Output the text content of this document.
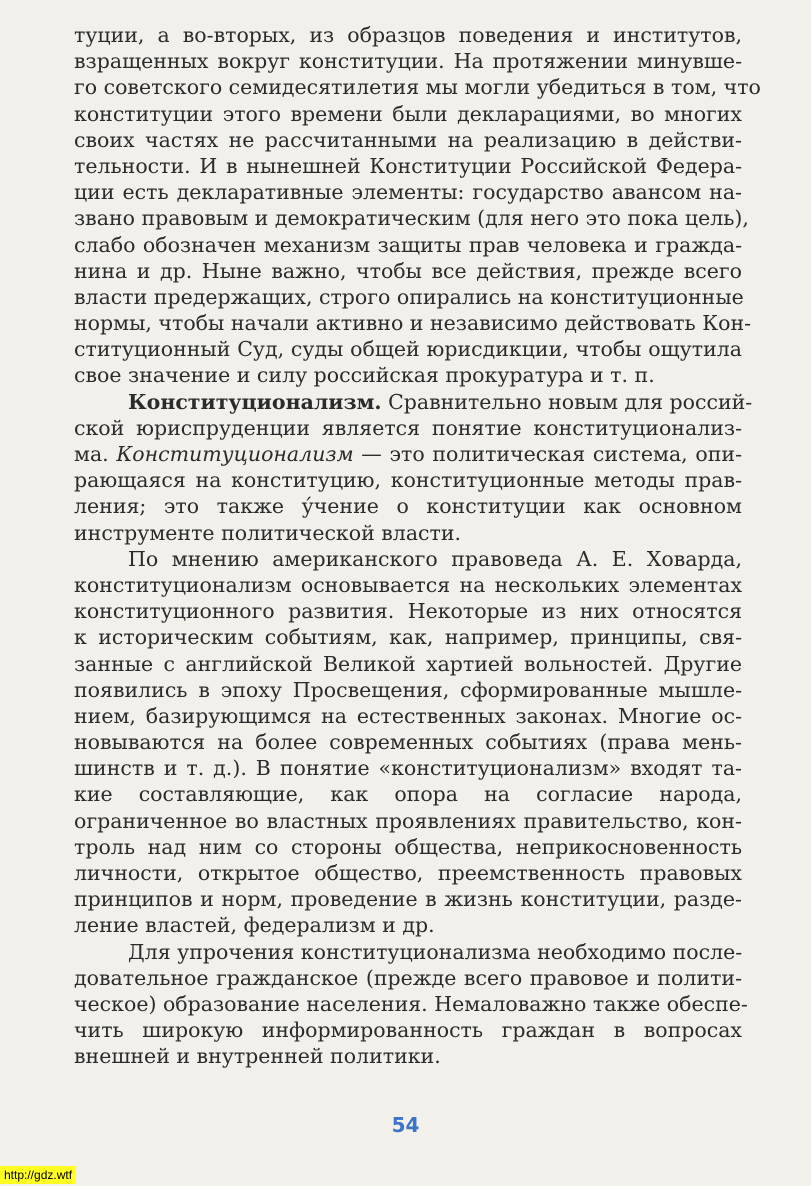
туции, а во-вторых, из образцов поведения и институтов,
взращенных вокруг конституции. На протяжении минувше-
го советского семидесятилетия мы могли убедиться в том, что
конституции этого времени были декларациями, во многих
своих частях не рассчитанными на реализацию в действи-
тельности. И в нынешней Конституции Российской Федера-
ции есть декларативные элементы: государство авансом на-
звано правовым и демократическим (для него это пока цель),
слабо обозначен механизм защиты прав человека и гражда-
нина и др. Ныне важно, чтобы все действия, прежде всего
власти предержащих, строго опирались на конституционные
нормы, чтобы начали активно и независимо действовать Кон-
ституционный Суд, суды общей юрисдикции, чтобы ощутила
свое значение и силу российская прокуратура и т. п.
Конституционализм. Сравнительно новым для россий-
ской юриспруденции является понятие конституционализ-
ма. Конституционализм — это политическая система, опи-
рающаяся на конституцию, конституционные методы прав-
ления; это также у́чение о конституции как основном
инструменте политической власти.
По мнению американского правоведа А. Е. Ховарда,
конституционализм основывается на нескольких элементах
конституционного развития. Некоторые из них относятся
к историческим событиям, как, например, принципы, свя-
занные с английской Великой хартией вольностей. Другие
появились в эпоху Просвещения, сформированные мышле-
нием, базирующимся на естественных законах. Многие ос-
новываются на более современных событиях (права мень-
шинств и т. д.). В понятие «конституционализм» входят та-
кие составляющие, как опора на согласие народа,
ограниченное во властных проявлениях правительство, кон-
троль над ним со стороны общества, неприкосновенность
личности, открытое общество, преемственность правовых
принципов и норм, проведение в жизнь конституции, разде-
ление властей, федерализм и др.
Для упрочения конституционализма необходимо после-
довательное гражданское (прежде всего правовое и полити-
ческое) образование населения. Немаловажно также обеспе-
чить широкую информированность граждан в вопросах
внешней и внутренней политики.
54
http://gdz.wtf
